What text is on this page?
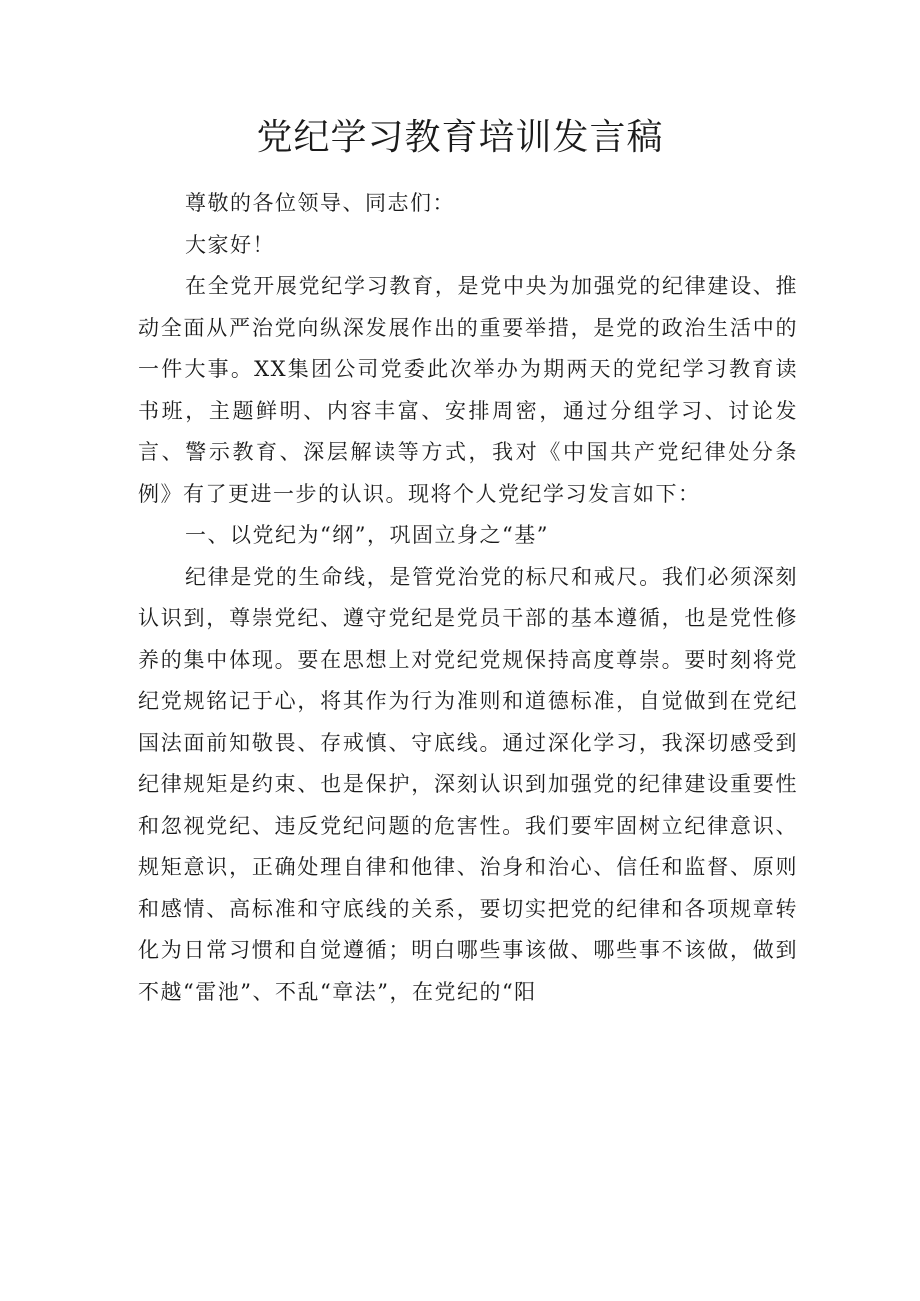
党纪学习教育培训发言稿

尊敬的各位领导、同志们：

大家好！

在全党开展党纪学习教育，是党中央为加强党的纪律建设、推动全面从严治党向纵深发展作出的重要举措，是党的政治生活中的一件大事。XX集团公司党委此次举办为期两天的党纪学习教育读书班，主题鲜明、内容丰富、安排周密，通过分组学习、讨论发言、警示教育、深层解读等方式，我对《中国共产党纪律处分条例》有了更进一步的认识。现将个人党纪学习发言如下：

一、以党纪为“纲”，巩固立身之“基”

纪律是党的生命线，是管党治党的标尺和戒尺。我们必须深刻认识到，尊崇党纪、遵守党纪是党员干部的基本遵循，也是党性修养的集中体现。要在思想上对党纪党规保持高度尊崇。要时刻将党纪党规铭记于心，将其作为行为准则和道德标准，自觉做到在党纪国法面前知敬畏、存戒慎、守底线。通过深化学习，我深切感受到纪律规矩是约束、也是保护，深刻认识到加强党的纪律建设重要性和忽视党纪、违反党纪问题的危害性。我们要牢固树立纪律意识、规矩意识，正确处理自律和他律、治身和治心、信任和监督、原则和感情、高标准和守底线的关系，要切实把党的纪律和各项规章转化为日常习惯和自觉遵循；明白哪些事该做、哪些事不该做，做到不越“雷池”、不乱“章法”，在党纪的“阳
